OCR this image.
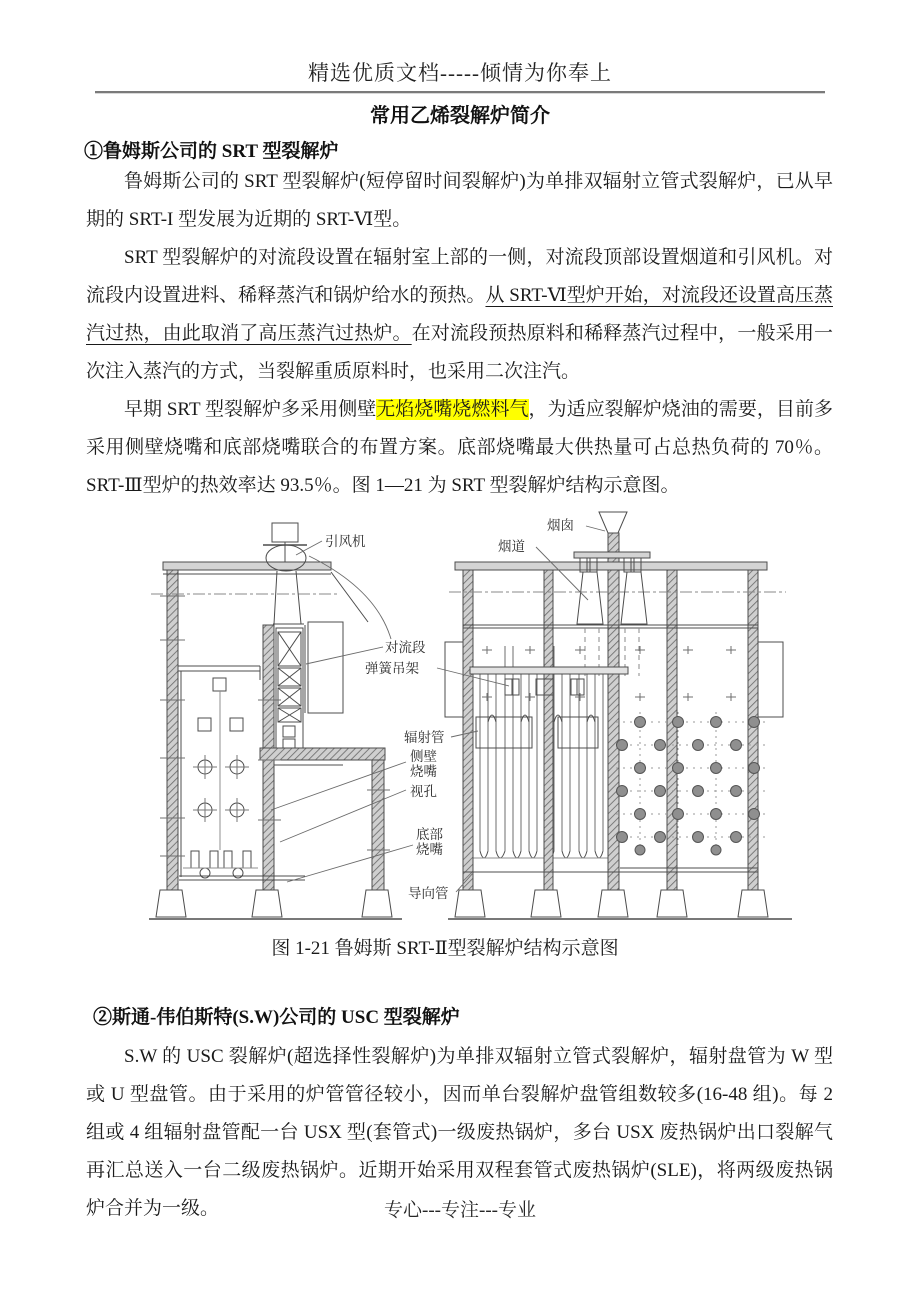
精选优质文档-----倾情为你奉上
常用乙烯裂解炉简介
①鲁姆斯公司的 SRT 型裂解炉

鲁姆斯公司的 SRT 型裂解炉(短停留时间裂解炉)为单排双辐射立管式裂解炉，已从早期的 SRT-I 型发展为近期的 SRT-Ⅵ型。

SRT 型裂解炉的对流段设置在辐射室上部的一侧，对流段顶部设置烟道和引风机。对流段内设置进料、稀释蒸汽和锅炉给水的预热。从 SRT-Ⅵ型炉开始，对流段还设置高压蒸汽过热，由此取消了高压蒸汽过热炉。在对流段预热原料和稀释蒸汽过程中，一般采用一次注入蒸汽的方式，当裂解重质原料时，也采用二次注汽。

早期 SRT 型裂解炉多采用侧壁无焰烧嘴烧燃料气，为适应裂解炉烧油的需要，目前多采用侧壁烧嘴和底部烧嘴联合的布置方案。底部烧嘴最大供热量可占总热负荷的 70％。SRT-Ⅲ型炉的热效率达 93.5％。图 1—21 为 SRT 型裂解炉结构示意图。

引风机
烟囱
烟道
对流段
弹簧吊架
辐射管
侧壁
烧嘴
视孔
底部
烧嘴
导向管
图 1-21 鲁姆斯 SRT-Ⅱ型裂解炉结构示意图
②斯通-伟伯斯特(S.W)公司的 USC 型裂解炉

S.W 的 USC 裂解炉(超选择性裂解炉)为单排双辐射立管式裂解炉，辐射盘管为 W 型或 U 型盘管。由于采用的炉管管径较小，因而单台裂解炉盘管组数较多(16-48 组)。每 2 组或 4 组辐射盘管配一台 USX 型(套管式)一级废热锅炉，多台 USX 废热锅炉出口裂解气再汇总送入一台二级废热锅炉。近期开始采用双程套管式废热锅炉(SLE)，将两级废热锅炉合并为一级。	专心---专注---专业
